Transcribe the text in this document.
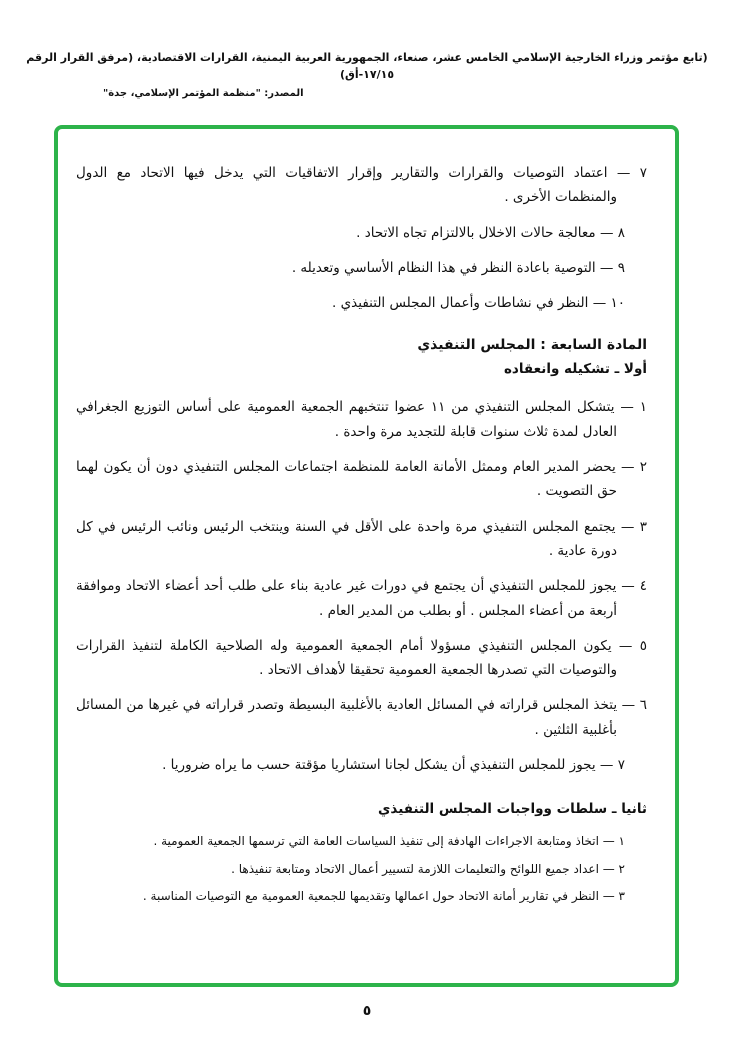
(تابع مؤتمر وزراء الخارجية الإسلامي الخامس عشر، صنعاء، الجمهورية العربية اليمنية، القرارات الاقتصادية، (مرفق القرار الرقم ١٧/١٥-أق)
المصدر: "منظمة المؤتمر الإسلامي، جدة"

٧ — اعتماد التوصيات والقرارات والتقارير وإقرار الاتفاقيات التي يدخل فيها الاتحاد مع الدول والمنظمات الأخرى .

٨ — معالجة حالات الاخلال بالالتزام تجاه الاتحاد .

٩ — التوصية باعادة النظر في هذا النظام الأساسي وتعديله .

١٠ — النظر في نشاطات وأعمال المجلس التنفيذي .

المادة السابعة : المجلس التنفيذي
أولا ـ تشكيله وانعقاده

١ — يتشكل المجلس التنفيذي من ١١ عضوا تنتخبهم الجمعية العمومية على أساس التوزيع الجغرافي العادل لمدة ثلاث سنوات قابلة للتجديد مرة واحدة .

٢ — يحضر المدير العام وممثل الأمانة العامة للمنظمة اجتماعات المجلس التنفيذي دون أن يكون لهما حق التصويت .

٣ — يجتمع المجلس التنفيذي مرة واحدة على الأقل في السنة وينتخب الرئيس ونائب الرئيس في كل دورة عادية .

٤ — يجوز للمجلس التنفيذي أن يجتمع في دورات غير عادية بناء على طلب أحد أعضاء الاتحاد وموافقة أربعة من أعضاء المجلس . أو بطلب من المدير العام .

٥ — يكون المجلس التنفيذي مسؤولا أمام الجمعية العمومية وله الصلاحية الكاملة لتنفيذ القرارات والتوصيات التي تصدرها الجمعية العمومية تحقيقا لأهداف الاتحاد .

٦ — يتخذ المجلس قراراته في المسائل العادية بالأغلبية البسيطة وتصدر قراراته في غيرها من المسائل بأغلبية الثلثين .

٧ — يجوز للمجلس التنفيذي أن يشكل لجانا استشاريا مؤقتة حسب ما يراه ضروريا .

ثانيا ـ سلطات وواجبات المجلس التنفيذي

١ — اتخاذ ومتابعة الاجراءات الهادفة إلى تنفيذ السياسات العامة التي ترسمها الجمعية العمومية .

٢ — اعداد جميع اللوائح والتعليمات اللازمة لتسيير أعمال الاتحاد ومتابعة تنفيذها .

٣ — النظر في تقارير أمانة الاتحاد حول اعمالها وتقديمها للجمعية العمومية مع التوصيات المناسبة .

٥
